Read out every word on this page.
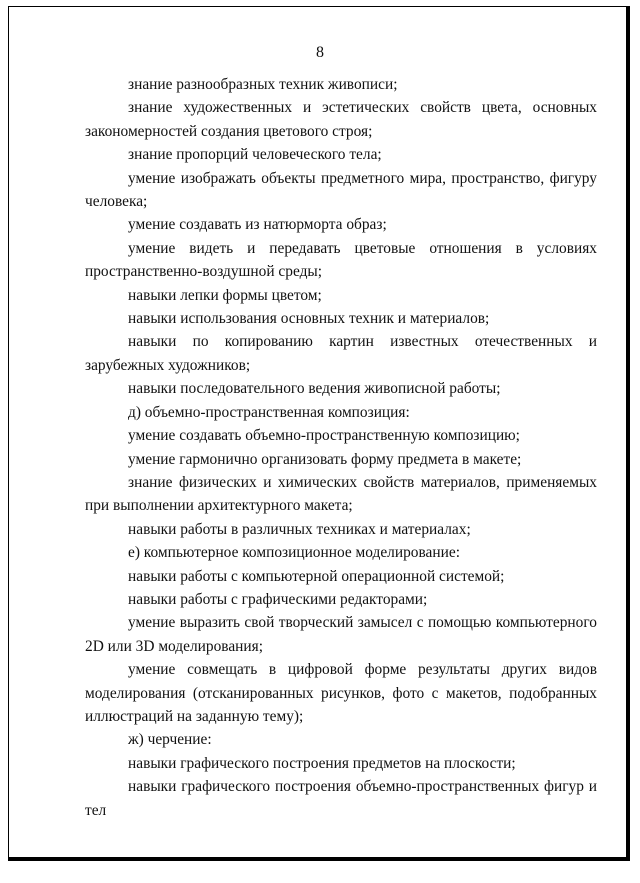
8

знание разнообразных техник живописи;

знание художественных и эстетических свойств цвета, основных закономерностей создания цветового строя;

знание пропорций человеческого тела;

умение изображать объекты предметного мира, пространство, фигуру человека;

умение создавать из натюрморта образ;

умение видеть и передавать цветовые отношения в условиях пространственно-воздушной среды;

навыки лепки формы цветом;

навыки использования основных техник и материалов;

навыки по копированию картин известных отечественных и зарубежных художников;

навыки последовательного ведения живописной работы;

д) объемно-пространственная композиция:

умение создавать объемно-пространственную композицию;

умение гармонично организовать форму предмета в макете;

знание физических и химических свойств материалов, применяемых при выполнении архитектурного макета;

навыки работы в различных техниках и материалах;

е) компьютерное композиционное моделирование:

навыки работы с компьютерной операционной системой;

навыки работы с графическими редакторами;

умение выразить свой творческий замысел с помощью компьютерного 2D или 3D моделирования;

умение совмещать в цифровой форме результаты других видов моделирования (отсканированных рисунков, фото с макетов, подобранных иллюстраций на заданную тему);

ж) черчение:

навыки графического построения предметов на плоскости;

навыки графического построения объемно-пространственных фигур и тел
